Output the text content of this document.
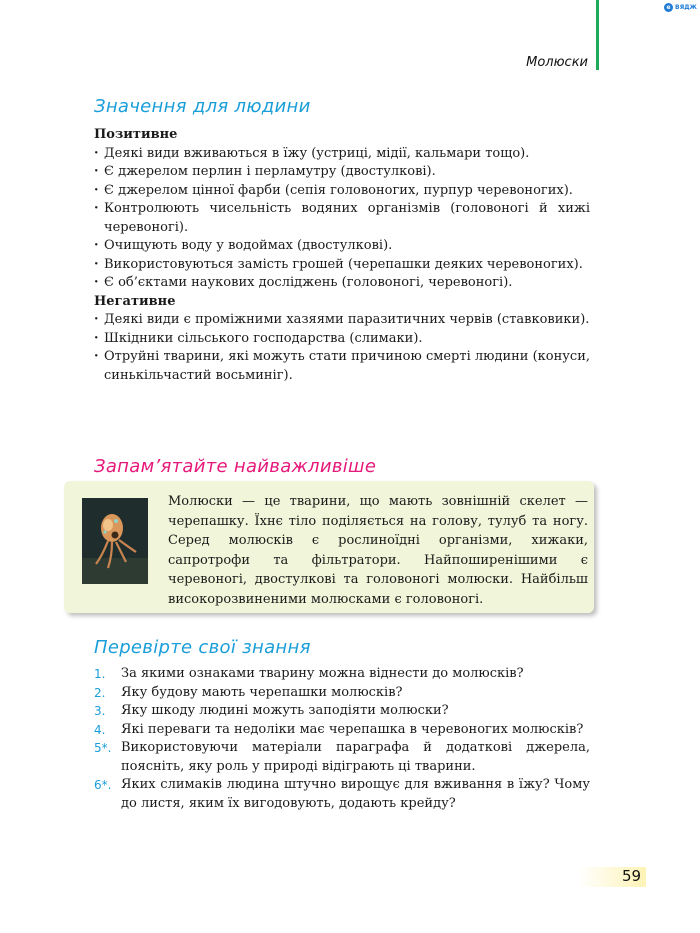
e ВЯДЖ
Молюски
Значення для людини
Позитивне
· Деякі види вживаються в їжу (устриці, мідії, кальмари тощо).
· Є джерелом перлин і перламутру (двостулкові).
· Є джерелом цінної фарби (сепія головоногих, пурпур черевоногих).
· Контролюють чисельність водяних організмів (головоногі й хижі черевоногі).
· Очищують воду у водоймах (двостулкові).
· Використовуються замість грошей (черепашки деяких черевоногих).
· Є об’єктами наукових досліджень (головоногі, черевоногі).
Негативне
· Деякі види є проміжними хазяями паразитичних червів (ставковики).
· Шкідники сільського господарства (слимаки).
· Отруйні тварини, які можуть стати причиною смерті людини (конуси, синькільчастий восьминіг).
Запам’ятайте найважливіше
Молюски — це тварини, що мають зовнішній скелет — черепашку. Їхнє тіло поділяється на голову, тулуб та ногу. Серед молюсків є рослиноїдні організми, хижаки, сапротрофи та фільтратори. Найпоширенішими є черевоногі, двостулкові та головоногі молюски. Найбільш високорозвиненими молюсками є головоногі.
Перевірте свої знання
1. За якими ознаками тварину можна віднести до молюсків?
2. Яку будову мають черепашки молюсків?
3. Яку шкоду людині можуть заподіяти молюски?
4. Які переваги та недоліки має черепашка в черевоногих молюсків?
5*. Використовуючи матеріали параграфа й додаткові джерела, поясніть, яку роль у природі відіграють ці тварини.
6*. Яких слимаків людина штучно вирощує для вживання в їжу? Чому до листя, яким їх вигодовують, додають крейду?
59
